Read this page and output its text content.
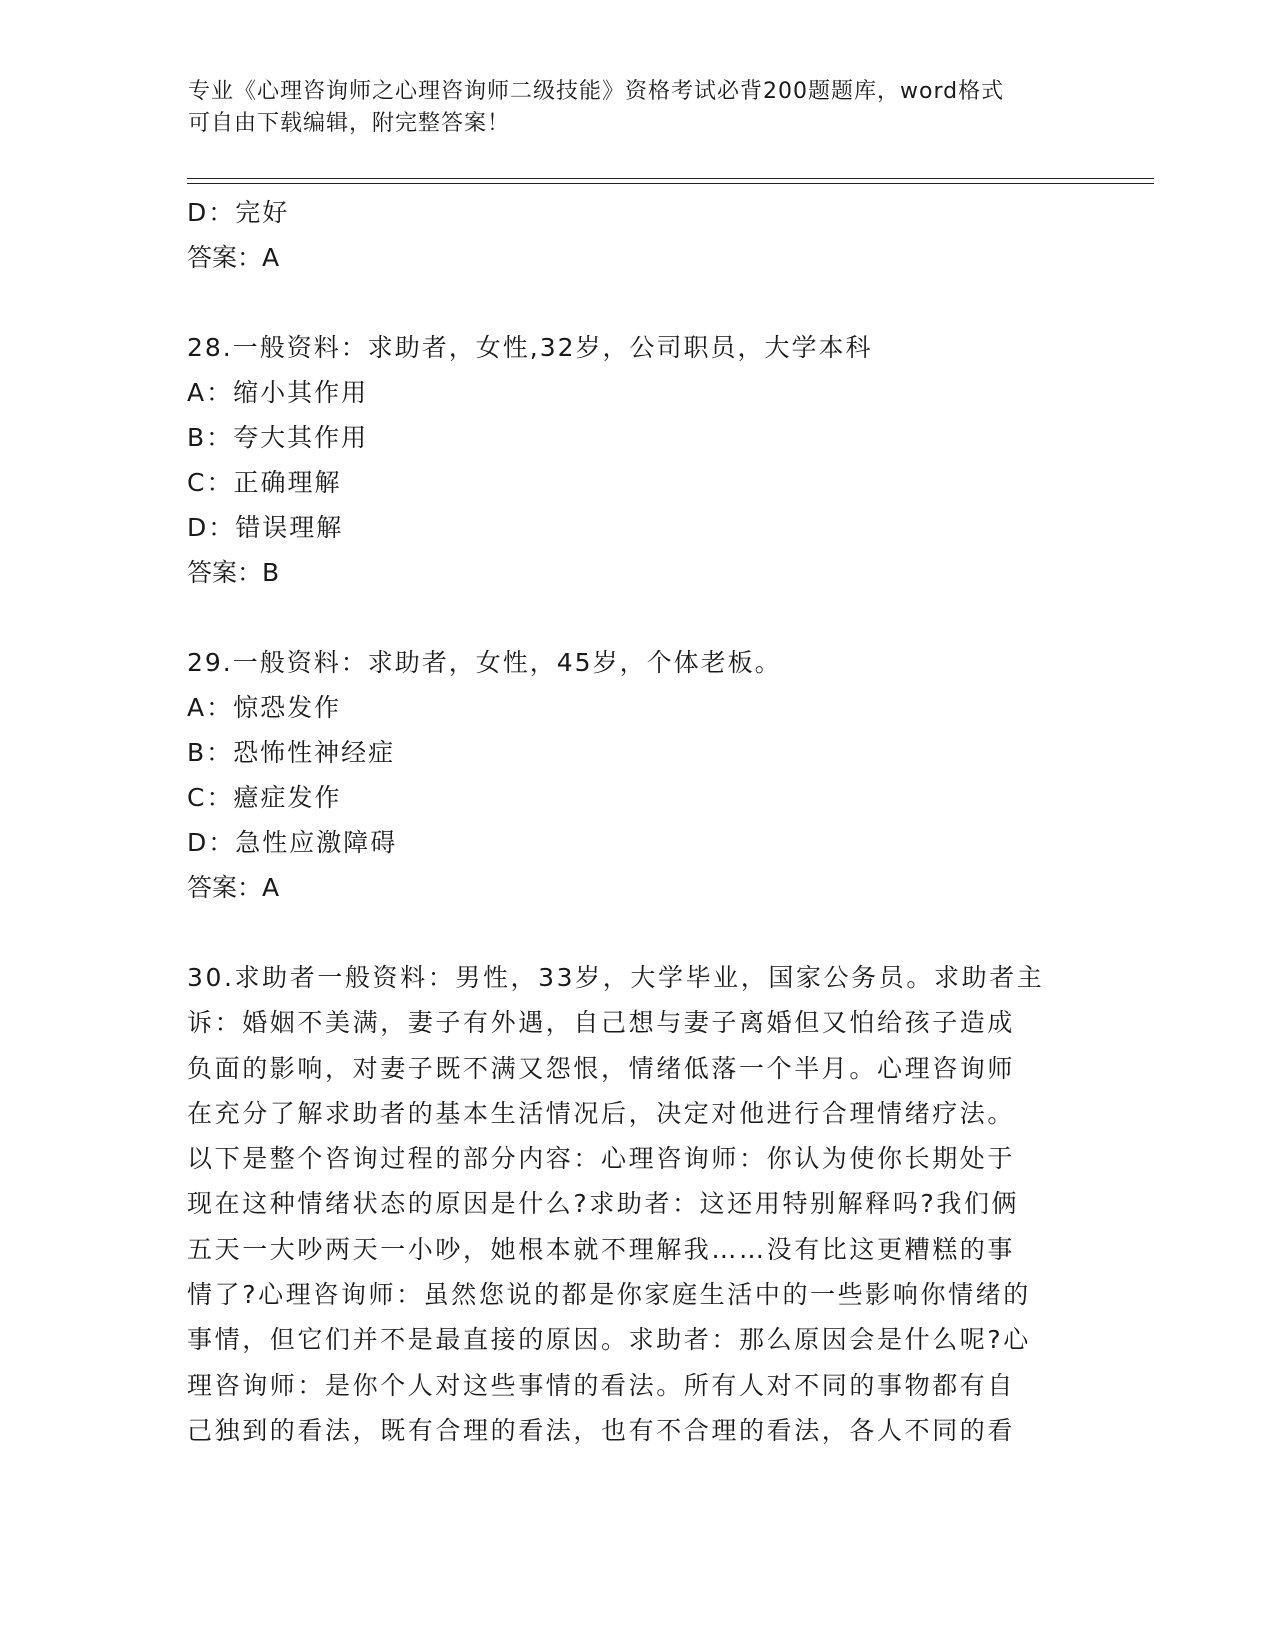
专业《心理咨询师之心理咨询师二级技能》资格考试必背200题题库，word格式
可自由下载编辑，附完整答案！
D：完好
答案：A
28.一般资料：求助者，女性,32岁，公司职员，大学本科
A：缩小其作用
B：夸大其作用
C：正确理解
D：错误理解
答案：B
29.一般资料：求助者，女性，45岁，个体老板。
A：惊恐发作
B：恐怖性神经症
C：癔症发作
D：急性应激障碍
答案：A
30.求助者一般资料：男性，33岁，大学毕业，国家公务员。求助者主
诉：婚姻不美满，妻子有外遇，自己想与妻子离婚但又怕给孩子造成
负面的影响，对妻子既不满又怨恨，情绪低落一个半月。心理咨询师
在充分了解求助者的基本生活情况后，决定对他进行合理情绪疗法。
以下是整个咨询过程的部分内容：心理咨询师：你认为使你长期处于
现在这种情绪状态的原因是什么?求助者：这还用特别解释吗?我们俩
五天一大吵两天一小吵，她根本就不理解我……没有比这更糟糕的事
情了?心理咨询师：虽然您说的都是你家庭生活中的一些影响你情绪的
事情，但它们并不是最直接的原因。求助者：那么原因会是什么呢?心
理咨询师：是你个人对这些事情的看法。所有人对不同的事物都有自
己独到的看法，既有合理的看法，也有不合理的看法，各人不同的看
